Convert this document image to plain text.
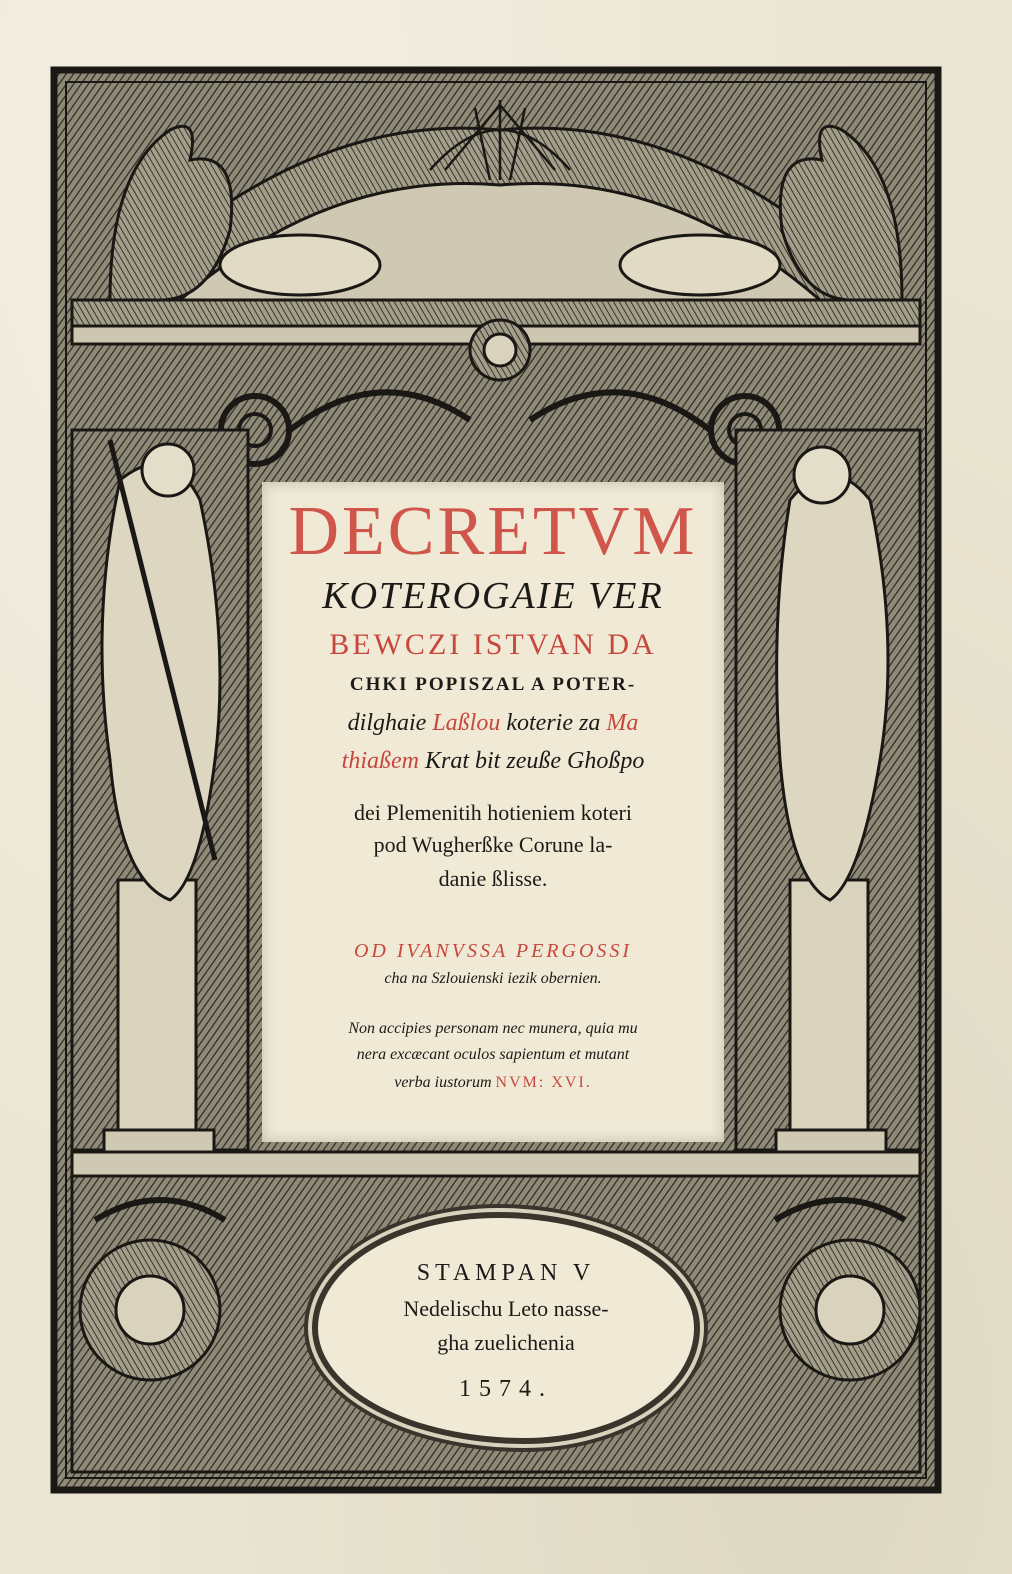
DECRETVM
KOTEROGAIE VER
BEWCZI ISTVAN DA
CHKI POPISZAL A POTER-
dilghaie Laßlou koterie za Ma
thiaßem Krat bit zeuße Ghoßpo
dei Plemenitih hotieniem koteri
pod Wugherßke Corune la-
danie ßlisse.
OD IVANVSSA PERGOSSI
cha na Szlouienski iezik obernien.
Non accipies personam nec munera, quia mu
nera excæcant oculos sapientum et mutant
verba iustorum NVM: XVI.
STAMPAN V
Nedelischu Leto nasse-
gha zuelichenia
1574.
